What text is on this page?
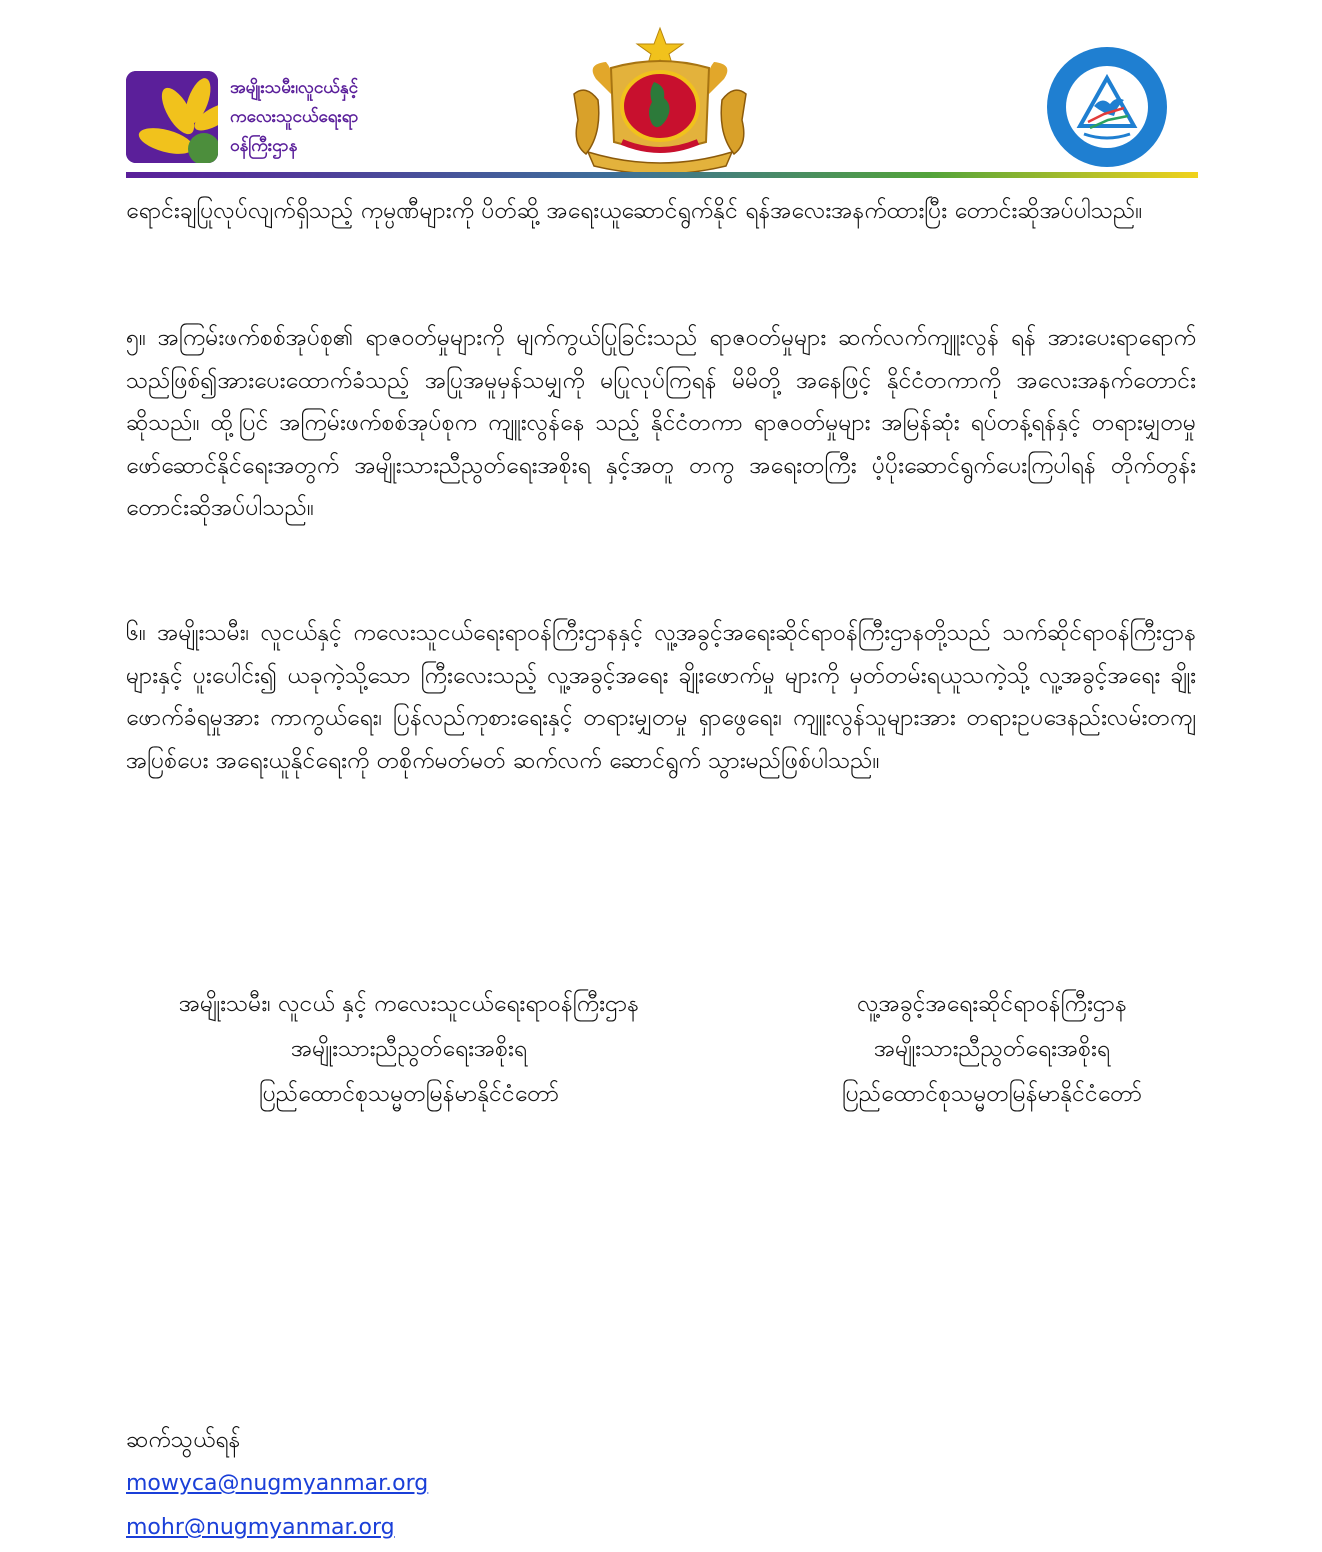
အမျိုးသမီး၊လူငယ်နှင့်
ကလေးသူငယ်ရေးရာ
ဝန်ကြီးဌာန

ရောင်းချပြုလုပ်လျက်ရှိသည့် ကုမ္ပဏီများကို ပိတ်ဆို့ အရေးယူဆောင်ရွက်နိုင် ရန်အလေးအနက်ထားပြီး တောင်းဆိုအပ်ပါသည်။

၅။ အကြမ်းဖက်စစ်အုပ်စု၏ ရာဇဝတ်မှုများကို မျက်ကွယ်ပြုခြင်းသည် ရာဇဝတ်မှုများ ဆက်လက်ကျူးလွန် ရန် အားပေးရာရောက်သည်ဖြစ်၍အားပေးထောက်ခံသည့် အပြုအမူမှန်သမျှကို မပြုလုပ်ကြရန် မိမိတို့ အနေဖြင့် နိုင်ငံတကာကို အလေးအနက်တောင်းဆိုသည်။ ထို့ပြင် အကြမ်းဖက်စစ်အုပ်စုက ကျူးလွန်နေ သည့် နိုင်ငံတကာ ရာဇဝတ်မှုများ အမြန်ဆုံး ရပ်တန့်ရန်နှင့် တရားမျှတမှုဖော်ဆောင်နိုင်ရေးအတွက် အမျိုးသားညီညွတ်ရေးအစိုးရ နှင့်အတူ တကွ အရေးတကြီး ပံ့ပိုးဆောင်ရွက်ပေးကြပါရန် တိုက်တွန်း တောင်းဆိုအပ်ပါသည်။

၆။ အမျိုးသမီး၊ လူငယ်နှင့် ကလေးသူငယ်ရေးရာဝန်ကြီးဌာနနှင့် လူ့အခွင့်အရေးဆိုင်ရာဝန်ကြီးဌာနတို့သည် သက်ဆိုင်ရာဝန်ကြီးဌာနများနှင့် ပူးပေါင်း၍ ယခုကဲ့သို့သော ကြီးလေးသည့် လူ့အခွင့်အရေး ချိုးဖောက်မှု များကို မှတ်တမ်းရယူသကဲ့သို့ လူ့အခွင့်အရေး ချိုးဖောက်ခံရမှုအား ကာကွယ်ရေး၊ ပြန်လည်ကုစားရေးနှင့် တရားမျှတမှု ရှာဖွေရေး၊ ကျူးလွန်သူများအား တရားဥပဒေနည်းလမ်းတကျ အပြစ်ပေး အရေးယူနိုင်ရေးကို တစိုက်မတ်မတ် ဆက်လက် ဆောင်ရွက် သွားမည်ဖြစ်ပါသည်။

အမျိုးသမီး၊ လူငယ် နှင့် ကလေးသူငယ်ရေးရာဝန်ကြီးဌာန
အမျိုးသားညီညွတ်ရေးအစိုးရ
ပြည်ထောင်စုသမ္မတမြန်မာနိုင်ငံတော်
လူ့အခွင့်အရေးဆိုင်ရာဝန်ကြီးဌာန
အမျိုးသားညီညွတ်ရေးအစိုးရ
ပြည်ထောင်စုသမ္မတမြန်မာနိုင်ငံတော်
ဆက်သွယ်ရန်
mowyca@nugmyanmar.org
mohr@nugmyanmar.org
